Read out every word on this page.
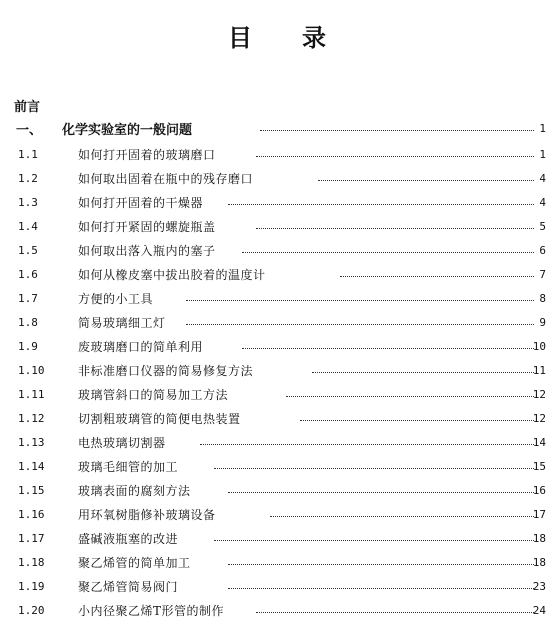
目 录
前言
一、 化学实验室的一般问题	1
1.1	如何打开固着的玻璃磨口	1
1.2	如何取出固着在瓶中的残存磨口	4
1.3	如何打开固着的干燥器	4
1.4	如何打开紧固的螺旋瓶盖	5
1.5	如何取出落入瓶内的塞子	6
1.6	如何从橡皮塞中拔出胶着的温度计	7
1.7	方便的小工具	8
1.8	简易玻璃细工灯	9
1.9	废玻璃磨口的简单利用	10
1.10	非标准磨口仪器的简易修复方法	11
1.11	玻璃管斜口的简易加工方法	12
1.12	切割粗玻璃管的简便电热装置	12
1.13	电热玻璃切割器	14
1.14	玻璃毛细管的加工	15
1.15	玻璃表面的腐刻方法	16
1.16	用环氧树脂修补玻璃设备	17
1.17	盛碱液瓶塞的改进	18
1.18	聚乙烯管的简单加工	18
1.19	聚乙烯管简易阀门	23
1.20	小内径聚乙烯T形管的制作	24
